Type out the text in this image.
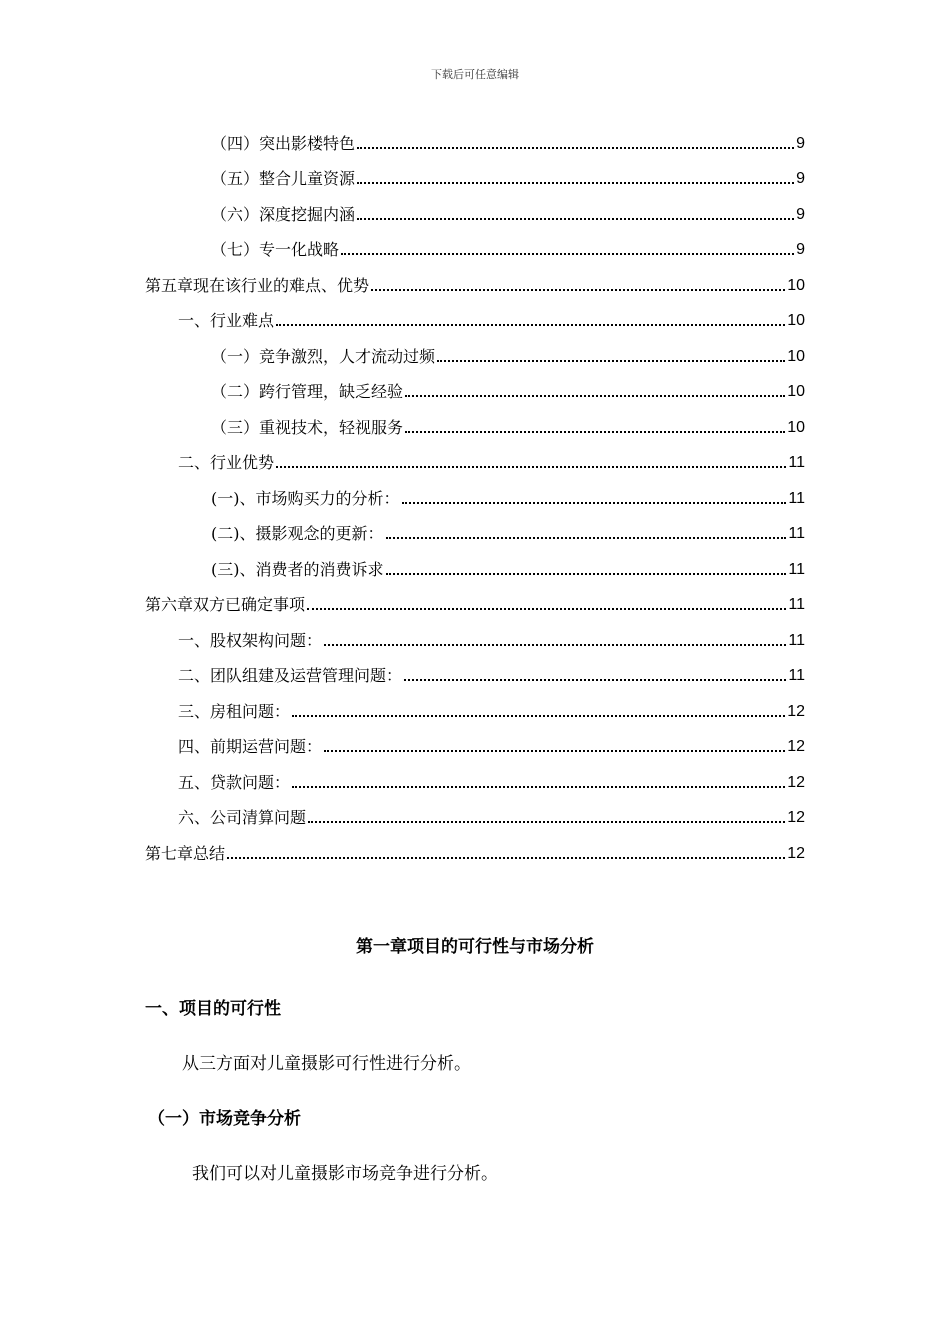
下载后可任意编辑
（四）突出影楼特色	9
（五）整合儿童资源	9
（六）深度挖掘内涵	9
（七）专一化战略	9
第五章现在该行业的难点、优势	10
一、行业难点	10
（一）竞争激烈，人才流动过频	10
（二）跨行管理，缺乏经验	10
（三）重视技术，轻视服务	10
二、行业优势	11
(一)、市场购买力的分析：	11
(二)、摄影观念的更新：	11
(三)、消费者的消费诉求	11
第六章双方已确定事项	11
一、股权架构问题：	11
二、团队组建及运营管理问题：	11
三、房租问题：	12
四、前期运营问题：	12
五、贷款问题：	12
六、公司清算问题	12
第七章总结	12
第一章项目的可行性与市场分析
一、项目的可行性
从三方面对儿童摄影可行性进行分析。
（一）市场竞争分析
我们可以对儿童摄影市场竞争进行分析。
